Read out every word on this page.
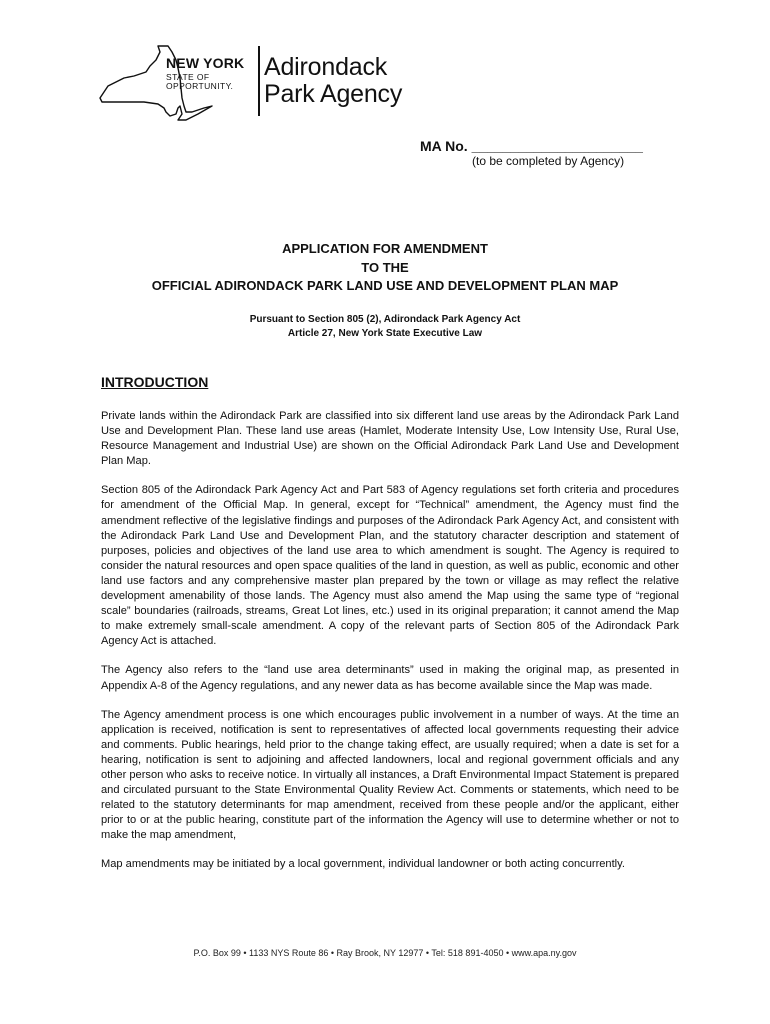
NEW YORK
STATE OF
OPPORTUNITY.
Adirondack
Park Agency
MA No. ______________________
(to be completed by Agency)
APPLICATION FOR AMENDMENT
TO THE
OFFICIAL ADIRONDACK PARK LAND USE AND DEVELOPMENT PLAN MAP
Pursuant to Section 805 (2), Adirondack Park Agency Act
Article 27, New York State Executive Law
INTRODUCTION

Private lands within the Adirondack Park are classified into six different land use areas by the Adirondack Park Land Use and Development Plan. These land use areas (Hamlet, Moderate Intensity Use, Low Intensity Use, Rural Use, Resource Management and Industrial Use) are shown on the Official Adirondack Park Land Use and Development Plan Map.

Section 805 of the Adirondack Park Agency Act and Part 583 of Agency regulations set forth criteria and procedures for amendment of the Official Map. In general, except for “Technical” amendment, the Agency must find the amendment reflective of the legislative findings and purposes of the Adirondack Park Agency Act, and consistent with the Adirondack Park Land Use and Development Plan, and the statutory character description and statement of purposes, policies and objectives of the land use area to which amendment is sought. The Agency is required to consider the natural resources and open space qualities of the land in question, as well as public, economic and other land use factors and any comprehensive master plan prepared by the town or village as may reflect the relative development amenability of those lands. The Agency must also amend the Map using the same type of “regional scale” boundaries (railroads, streams, Great Lot lines, etc.) used in its original preparation; it cannot amend the Map to make extremely small-scale amendment. A copy of the relevant parts of Section 805 of the Adirondack Park Agency Act is attached.

The Agency also refers to the “land use area determinants” used in making the original map, as presented in Appendix A-8 of the Agency regulations, and any newer data as has become available since the Map was made.

The Agency amendment process is one which encourages public involvement in a number of ways. At the time an application is received, notification is sent to representatives of affected local governments requesting their advice and comments. Public hearings, held prior to the change taking effect, are usually required; when a date is set for a hearing, notification is sent to adjoining and affected landowners, local and regional government officials and any other person who asks to receive notice. In virtually all instances, a Draft Environmental Impact Statement is prepared and circulated pursuant to the State Environmental Quality Review Act. Comments or statements, which need to be related to the statutory determinants for map amendment, received from these people and/or the applicant, either prior to or at the public hearing, constitute part of the information the Agency will use to determine whether or not to make the map amendment,

Map amendments may be initiated by a local government, individual landowner or both acting concurrently.

P.O. Box 99 • 1133 NYS Route 86 • Ray Brook, NY 12977 • Tel: 518 891-4050 • www.apa.ny.gov
